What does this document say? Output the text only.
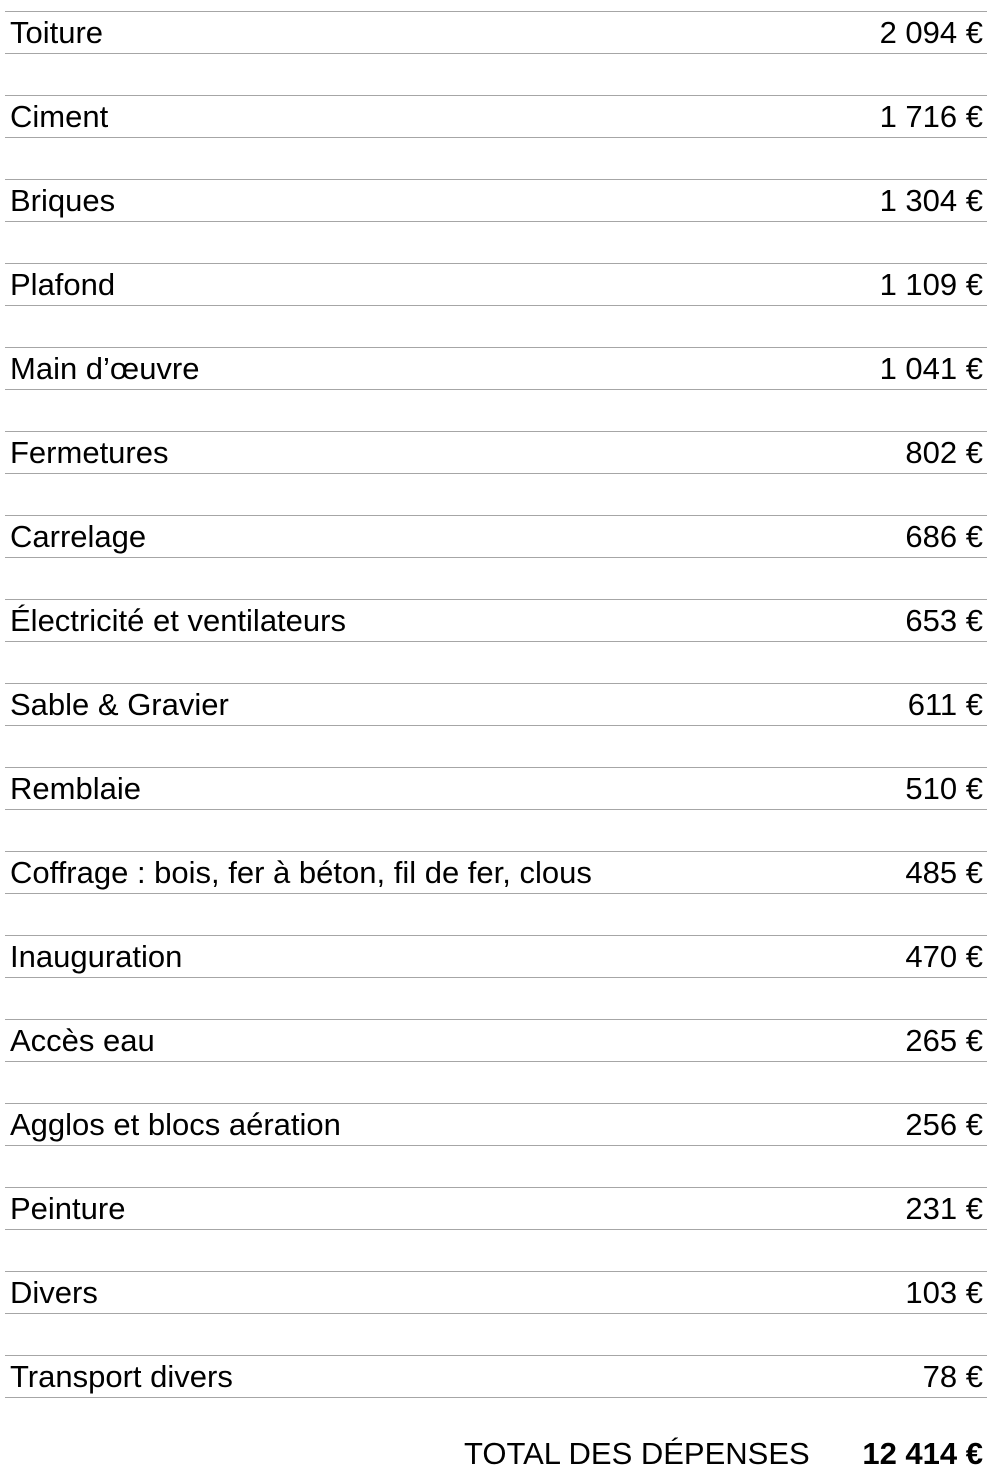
Toiture	2 094 €
Ciment	1 716 €
Briques	1 304 €
Plafond	1 109 €
Main d’œuvre	1 041 €
Fermetures	802 €
Carrelage	686 €
Électricité et ventilateurs	653 €
Sable & Gravier	611 €
Remblaie	510 €
Coffrage : bois, fer à béton, fil de fer, clous	485 €
Inauguration	470 €
Accès eau	265 €
Agglos et blocs aération	256 €
Peinture	231 €
Divers	103 €
Transport divers	78 €
TOTAL DES DÉPENSES 12 414 €
